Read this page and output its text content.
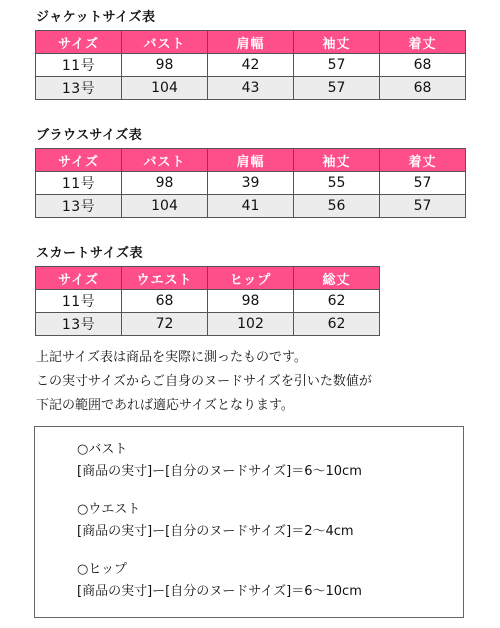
ジャケットサイズ表
サイズ	バスト	肩幅	袖丈	着丈
11号	98	42	57	68
13号	104	43	57	68
ブラウスサイズ表
サイズ	バスト	肩幅	袖丈	着丈
11号	98	39	55	57
13号	104	41	56	57
スカートサイズ表
サイズ	ウエスト	ヒップ	総丈
11号	68	98	62
13号	72	102	62
上記サイズ表は商品を実際に測ったものです。
この実寸サイズからご自身のヌードサイズを引いた数値が
下記の範囲であれば適応サイズとなります。
○バスト
[商品の実寸]ー[自分のヌードサイズ]＝6～10cm
○ウエスト
[商品の実寸]ー[自分のヌードサイズ]＝2～4cm
○ヒップ
[商品の実寸]ー[自分のヌードサイズ]＝6～10cm
